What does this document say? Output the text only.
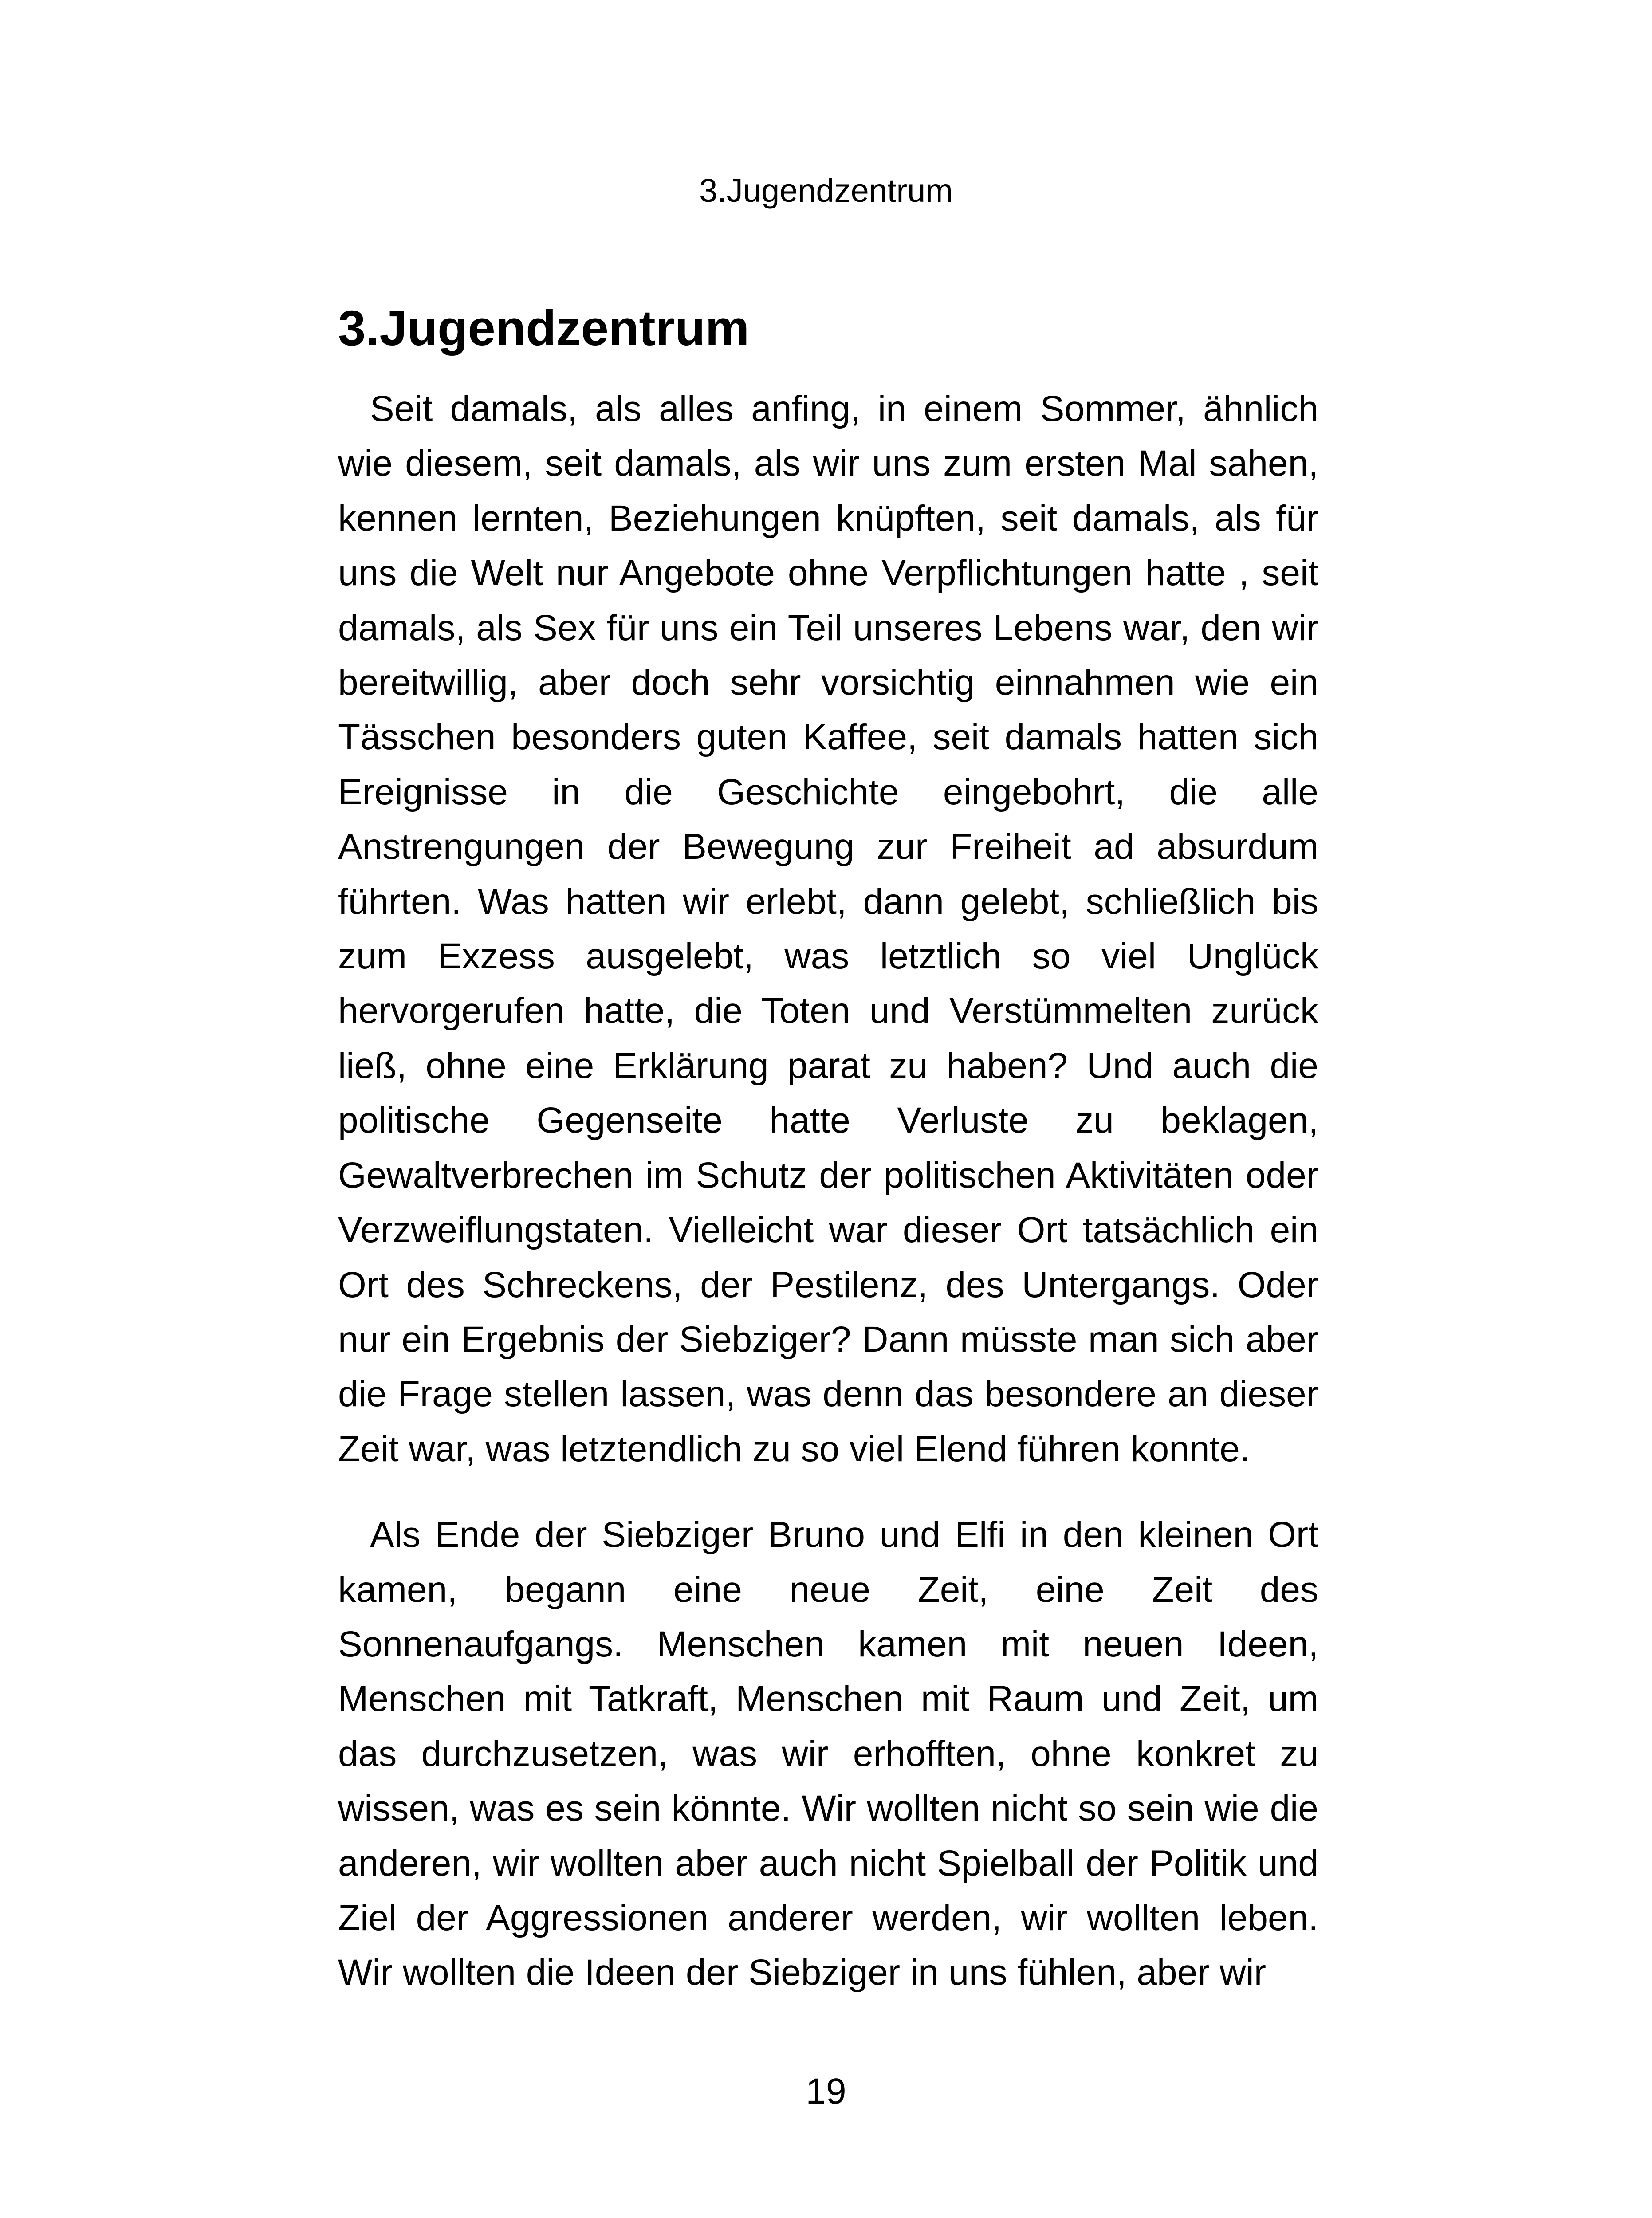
3.Jugendzentrum
3.Jugendzentrum

Seit damals, als alles anfing, in einem Sommer, ähnlich wie diesem, seit damals, als wir uns zum ersten Mal sahen, kennen lernten, Beziehungen knüpften, seit damals, als für uns die Welt nur Angebote ohne Verpflichtungen hatte , seit damals, als Sex für uns ein Teil unseres Lebens war, den wir bereitwillig, aber doch sehr vorsichtig einnahmen wie ein Tässchen besonders guten Kaffee, seit damals hatten sich Ereignisse in die Geschichte eingebohrt, die alle Anstrengungen der Bewegung zur Freiheit ad absurdum führten. Was hatten wir erlebt, dann gelebt, schließlich bis zum Exzess ausgelebt, was letztlich so viel Unglück hervorgerufen hatte, die Toten und Verstümmelten zurück ließ, ohne eine Erklärung parat zu haben? Und auch die politische Gegenseite hatte Verluste zu beklagen, Gewaltverbrechen im Schutz der politischen Aktivitäten oder Verzweiflungstaten. Vielleicht war dieser Ort tatsächlich ein Ort des Schreckens, der Pestilenz, des Untergangs. Oder nur ein Ergebnis der Siebziger? Dann müsste man sich aber die Frage stellen lassen, was denn das besondere an dieser Zeit war, was letztendlich zu so viel Elend führen konnte.

Als Ende der Siebziger Bruno und Elfi in den kleinen Ort kamen, begann eine neue Zeit, eine Zeit des Sonnenaufgangs. Menschen kamen mit neuen Ideen, Menschen mit Tatkraft, Menschen mit Raum und Zeit, um das durchzusetzen, was wir erhofften, ohne konkret zu wissen, was es sein könnte. Wir wollten nicht so sein wie die anderen, wir wollten aber auch nicht Spielball der Politik und Ziel der Aggressionen anderer werden, wir wollten leben. Wir wollten die Ideen der Siebziger in uns fühlen, aber wir

19
